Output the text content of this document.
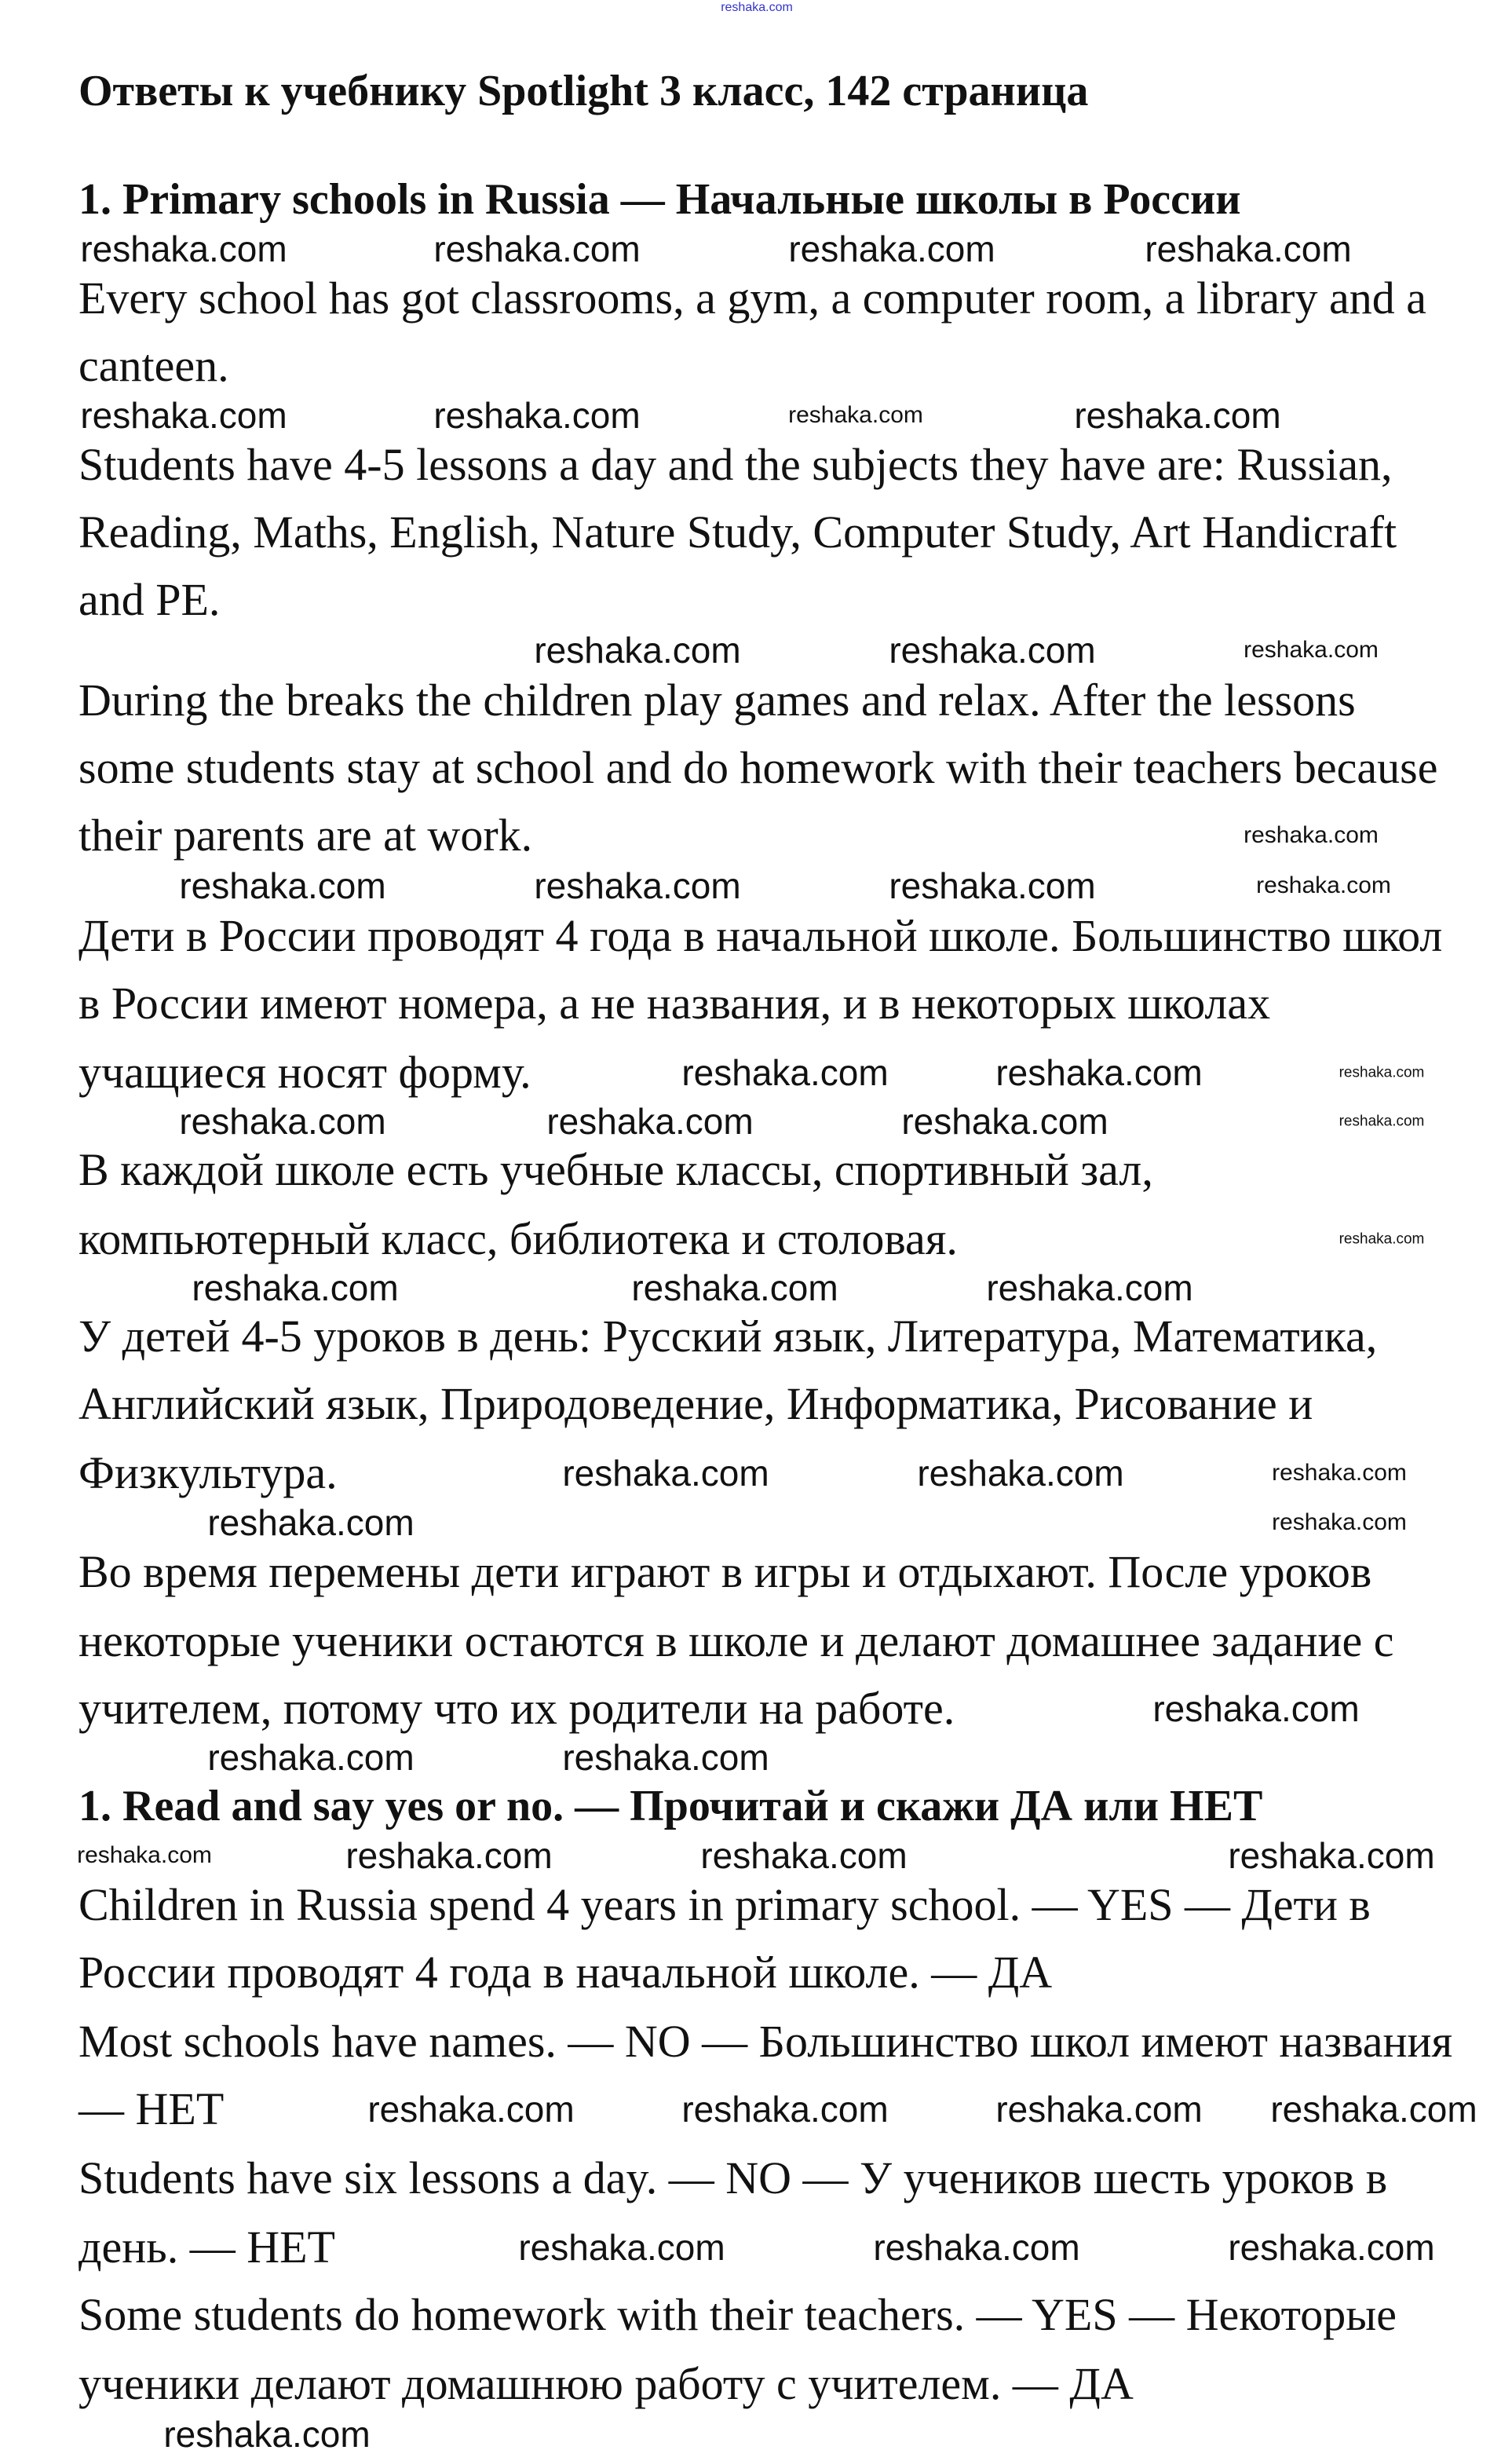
reshaka.com
Ответы к учебнику Spotlight 3 класс, 142 страница
1. Primary schools in Russia — Начальные школы в России
Every school has got classrooms, a gym, a computer room, a library and a
canteen.
Students have 4-5 lessons a day and the subjects they have are: Russian,
Reading, Maths, English, Nature Study, Computer Study, Art Handicraft
and PE.
During the breaks the children play games and relax. After the lessons
some students stay at school and do homework with their teachers because
their parents are at work.
Дети в России проводят 4 года в начальной школе. Большинство школ
в России имеют номера, а не названия, и в некоторых школах
учащиеся носят форму.
В каждой школе есть учебные классы, спортивный зал,
компьютерный класс, библиотека и столовая.
У детей 4-5 уроков в день: Русский язык, Литература, Математика,
Английский язык, Природоведение, Информатика, Рисование и
Физкультура.
Во время перемены дети играют в игры и отдыхают. После уроков
некоторые ученики остаются в школе и делают домашнее задание с
учителем, потому что их родители на работе.
1. Read and say yes or no. — Прочитай и скажи ДА или НЕТ
Children in Russia spend 4 years in primary school. — YES — Дети в
России проводят 4 года в начальной школе. — ДА
Most schools have names. — NO — Большинство школ имеют названия
— НЕТ
Students have six lessons a day. — NO — У учеников шесть уроков в
день. — НЕТ
Some students do homework with their teachers. — YES — Некоторые
ученики делают домашнюю работу с учителем. — ДА
reshaka.com	reshaka.com	reshaka.com	reshaka.com
reshaka.com	reshaka.com	reshaka.com	reshaka.com
reshaka.com	reshaka.com	reshaka.com
reshaka.com
reshaka.com	reshaka.com	reshaka.com	reshaka.com
reshaka.com	reshaka.com	reshaka.com
reshaka.com	reshaka.com	reshaka.com	reshaka.com
reshaka.com
reshaka.com	reshaka.com	reshaka.com
reshaka.com	reshaka.com	reshaka.com
reshaka.com	reshaka.com
reshaka.com
reshaka.com	reshaka.com
reshaka.com	reshaka.com	reshaka.com	reshaka.com
reshaka.com	reshaka.com	reshaka.com reshaka.com
reshaka.com	reshaka.com	reshaka.com
reshaka.com
